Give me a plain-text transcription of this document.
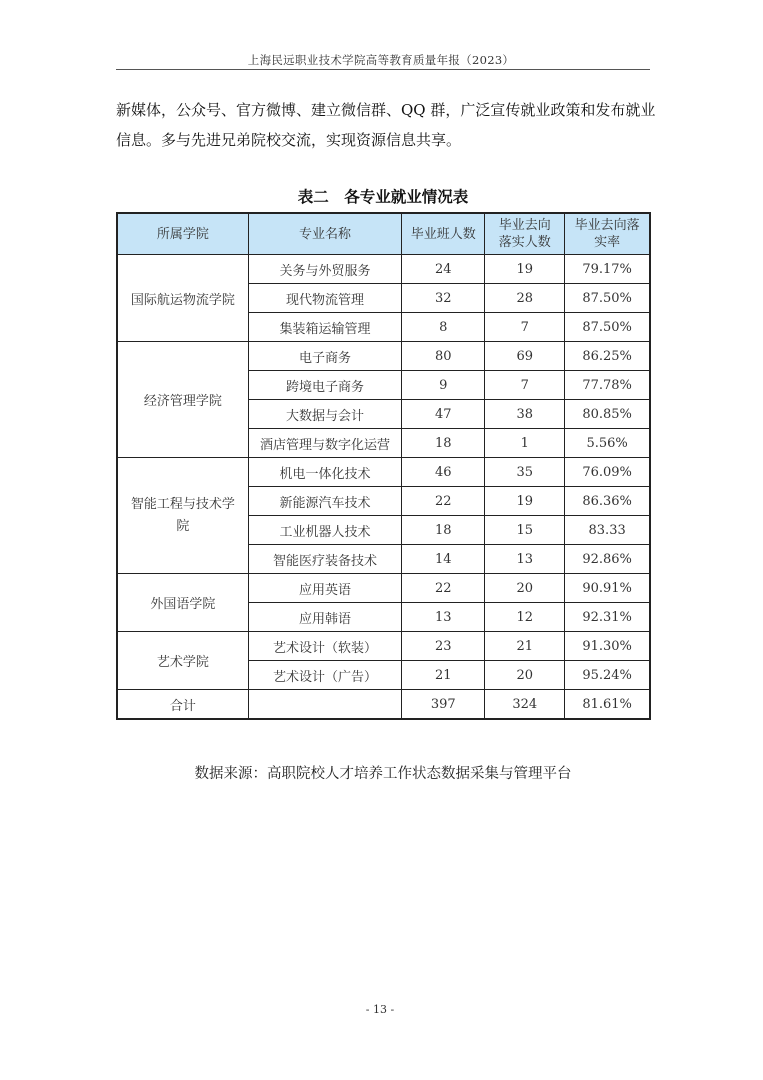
上海民远职业技术学院高等教育质量年报（2023）
新媒体，公众号、官方微博、建立微信群、QQ 群，广泛宣传就业政策和发布就业信息。多与先进兄弟院校交流，实现资源信息共享。
表二　各专业就业情况表
所属学院	专业名称	毕业班人数	毕业去向落实人数	毕业去向落实率
国际航运物流学院	关务与外贸服务	24	19	79.17%
	现代物流管理	32	28	87.50%
	集装箱运输管理	8	7	87.50%
经济管理学院	电子商务	80	69	86.25%
	跨境电子商务	9	7	77.78%
	大数据与会计	47	38	80.85%
	酒店管理与数字化运营	18	1	5.56%
智能工程与技术学院	机电一体化技术	46	35	76.09%
	新能源汽车技术	22	19	86.36%
	工业机器人技术	18	15	83.33
	智能医疗装备技术	14	13	92.86%
外国语学院	应用英语	22	20	90.91%
	应用韩语	13	12	92.31%
艺术学院	艺术设计（软装）	23	21	91.30%
	艺术设计（广告）	21	20	95.24%
合计		397	324	81.61%
数据来源：高职院校人才培养工作状态数据采集与管理平台
- 13 -
